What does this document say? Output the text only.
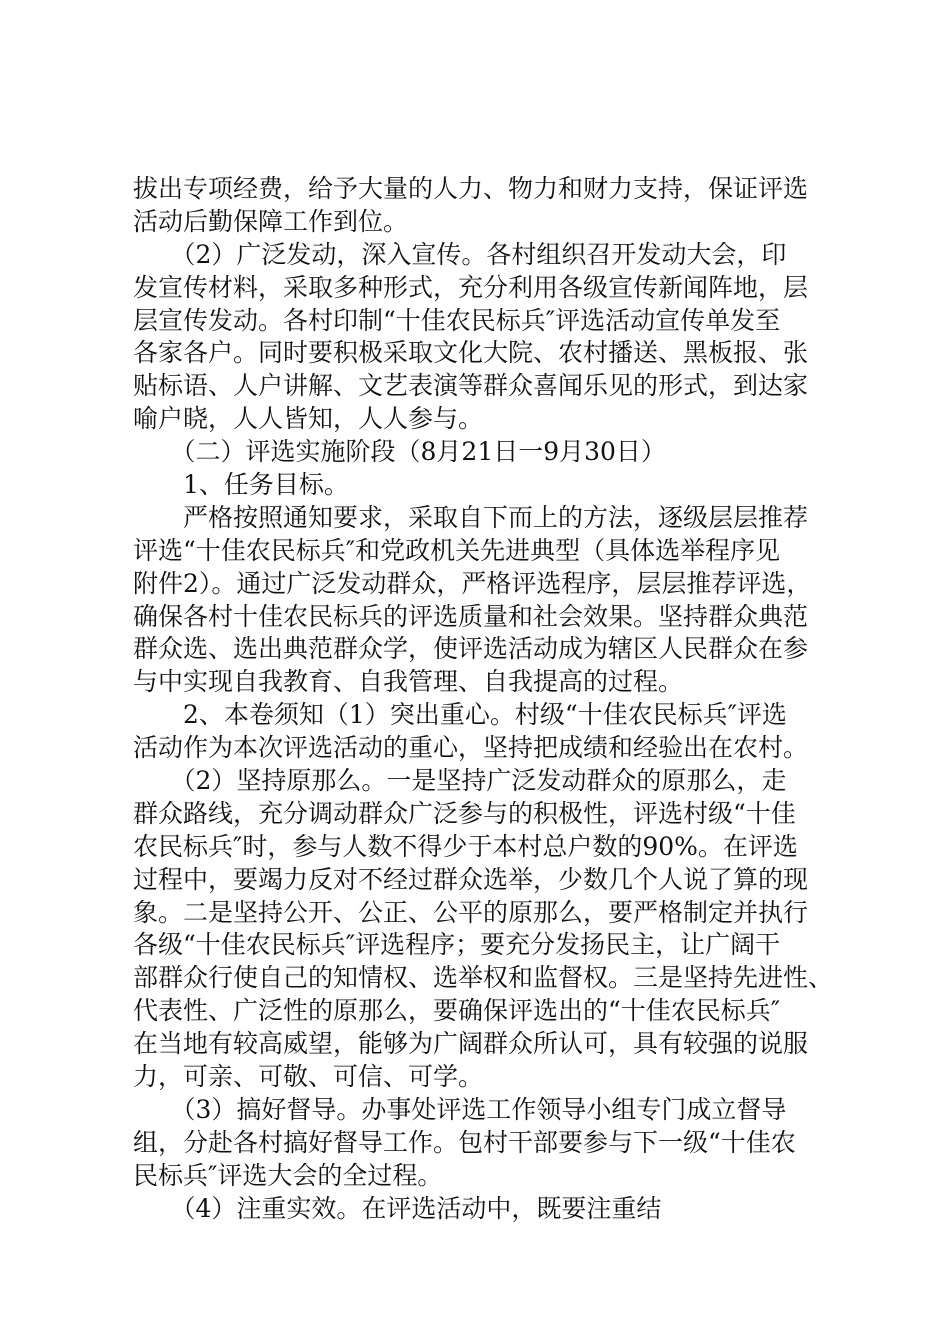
拔出专项经费，给予大量的人力、物力和财力支持，保证评选
活动后勤保障工作到位。
　　（2）广泛发动，深入宣传。各村组织召开发动大会，印
发宣传材料，采取多种形式，充分利用各级宣传新闻阵地，层
层宣传发动。各村印制“十佳农民标兵″评选活动宣传单发至
各家各户。同时要积极采取文化大院、农村播送、黑板报、张
贴标语、人户讲解、文艺表演等群众喜闻乐见的形式，到达家
喻户晓，人人皆知，人人参与。
　　（二）评选实施阶段（8月21日一9月30日）
　　1、任务目标。
　　严格按照通知要求，采取自下而上的方法，逐级层层推荐
评选“十佳农民标兵″和党政机关先进典型（具体选举程序见
附件2）。通过广泛发动群众，严格评选程序，层层推荐评选，
确保各村十佳农民标兵的评选质量和社会效果。坚持群众典范
群众选、选出典范群众学，使评选活动成为辖区人民群众在参
与中实现自我教育、自我管理、自我提高的过程。
　　2、本卷须知（1）突出重心。村级“十佳农民标兵″评选
活动作为本次评选活动的重心，坚持把成绩和经验出在农村。
　　（2）坚持原那么。一是坚持广泛发动群众的原那么，走
群众路线，充分调动群众广泛参与的积极性，评选村级“十佳
农民标兵″时，参与人数不得少于本村总户数的90%。在评选
过程中，要竭力反对不经过群众选举，少数几个人说了算的现
象。二是坚持公开、公正、公平的原那么，要严格制定并执行
各级“十佳农民标兵″评选程序；要充分发扬民主，让广阔干
部群众行使自己的知情权、选举权和监督权。三是坚持先进性、
代表性、广泛性的原那么，要确保评选出的“十佳农民标兵″
在当地有较高威望，能够为广阔群众所认可，具有较强的说服
力，可亲、可敬、可信、可学。
　　（3）搞好督导。办事处评选工作领导小组专门成立督导
组，分赴各村搞好督导工作。包村干部要参与下一级“十佳农
民标兵″评选大会的全过程。
　　（4）注重实效。在评选活动中，既要注重结
